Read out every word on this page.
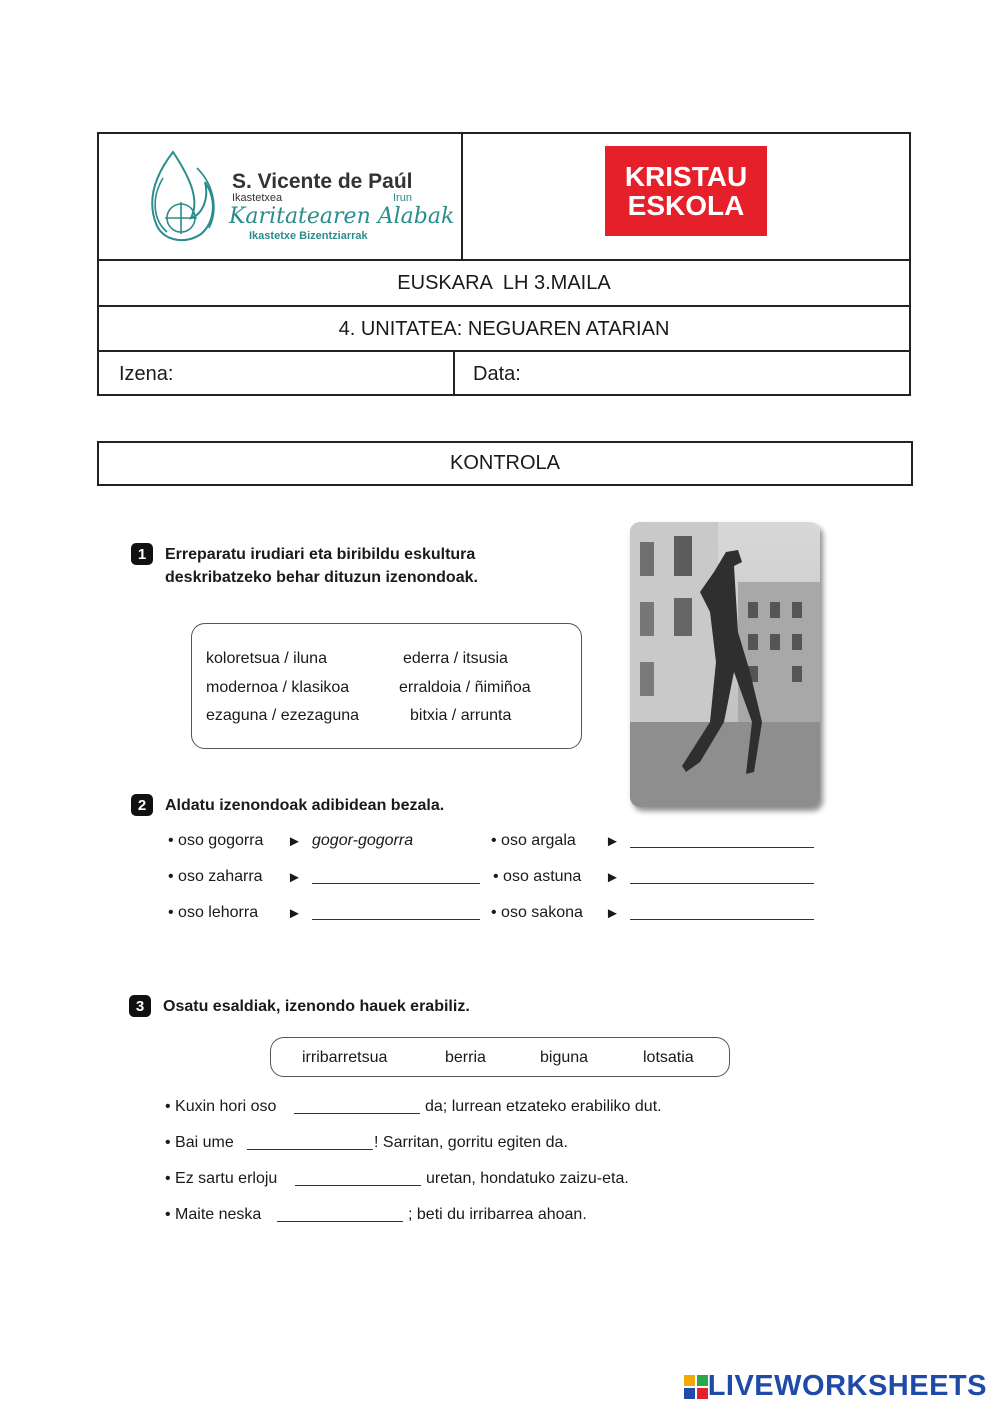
S. Vicente de Paúl
Ikastetxea	Irun
Karitatearen Alabak
Ikastetxe Bizentziarrak
KRISTAU
ESKOLA
EUSKARA  LH 3.MAILA
4. UNITATEA: NEGUAREN ATARIAN
Izena:	Data:
KONTROLA
1	Erreparatu irudiari eta biribildu eskultura
deskribatzeko behar dituzun izenondoak.
koloretsua / iluna	ederra / itsusia
modernoa / klasikoa	erraldoia / ñimiñoa
ezaguna / ezezaguna	bitxia / arrunta
2	Aldatu izenondoak adibidean bezala.
• oso gogorra ► gogor-gogorra	• oso argala ►
• oso zaharra ►	• oso astuna ►
• oso lehorra ►	• oso sakona ►
3	Osatu esaldiak, izenondo hauek erabiliz.
irribarretsua	berria	biguna	lotsatia
• Kuxin hori oso	da; lurrean etzateko erabiliko dut.
• Bai ume	! Sarritan, gorritu egiten da.
• Ez sartu erloju	uretan, hondatuko zaizu-eta.
• Maite neska	; beti du irribarrea ahoan.
LIVEWORKSHEETS
